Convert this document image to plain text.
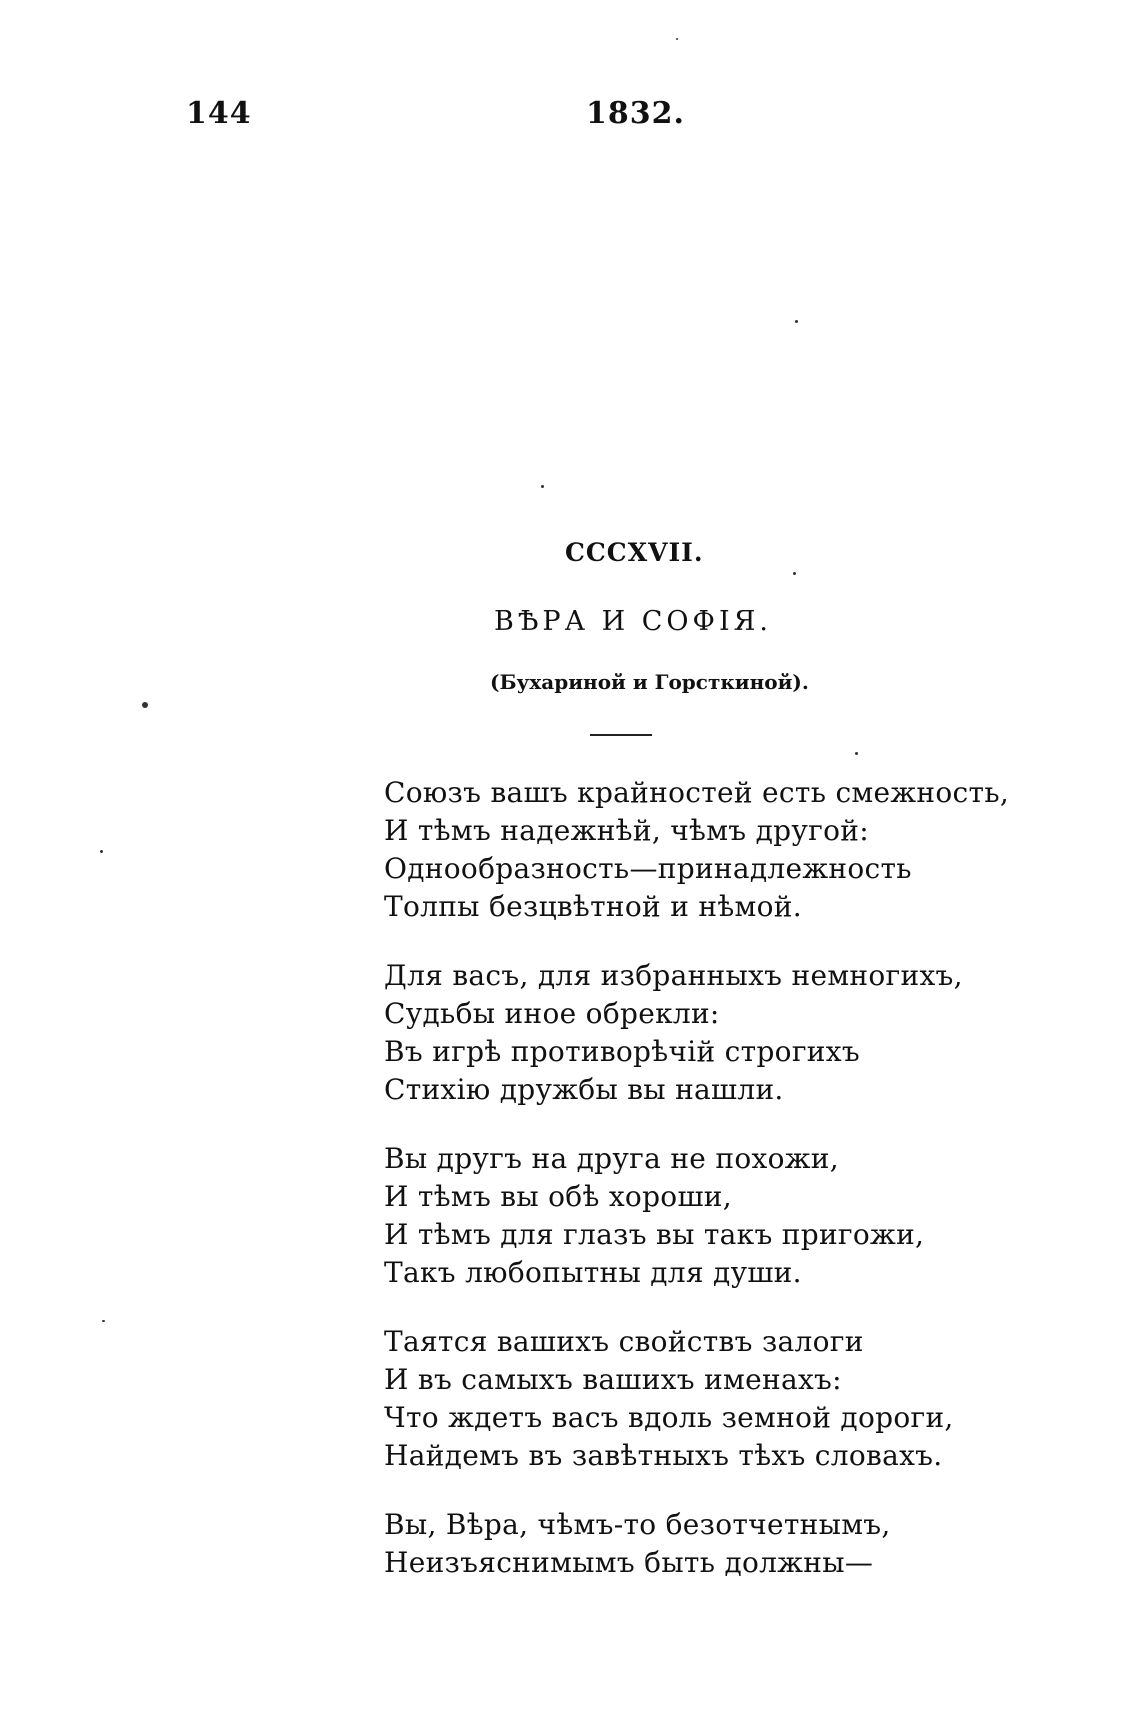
144	1832.
CCCXVII.
ВѢРА И СОФІЯ.
(Бухариной и Горсткиной).
Союзъ вашъ крайностей есть смежность,
И тѣмъ надежнѣй, чѣмъ другой:
Однообразность—принадлежность
Толпы безцвѣтной и нѣмой.
Для васъ, для избранныхъ немногихъ,
Судьбы иное обрекли:
Въ игрѣ противорѣчій строгихъ
Стихію дружбы вы нашли.
Вы другъ на друга не похожи,
И тѣмъ вы обѣ хороши,
И тѣмъ для глазъ вы такъ пригожи,
Такъ любопытны для души.
Таятся вашихъ свойствъ залоги
И въ самыхъ вашихъ именахъ:
Что ждетъ васъ вдоль земной дороги,
Найдемъ въ завѣтныхъ тѣхъ словахъ.
Вы, Вѣра, чѣмъ-то безотчетнымъ,
Неизъяснимымъ быть должны—
